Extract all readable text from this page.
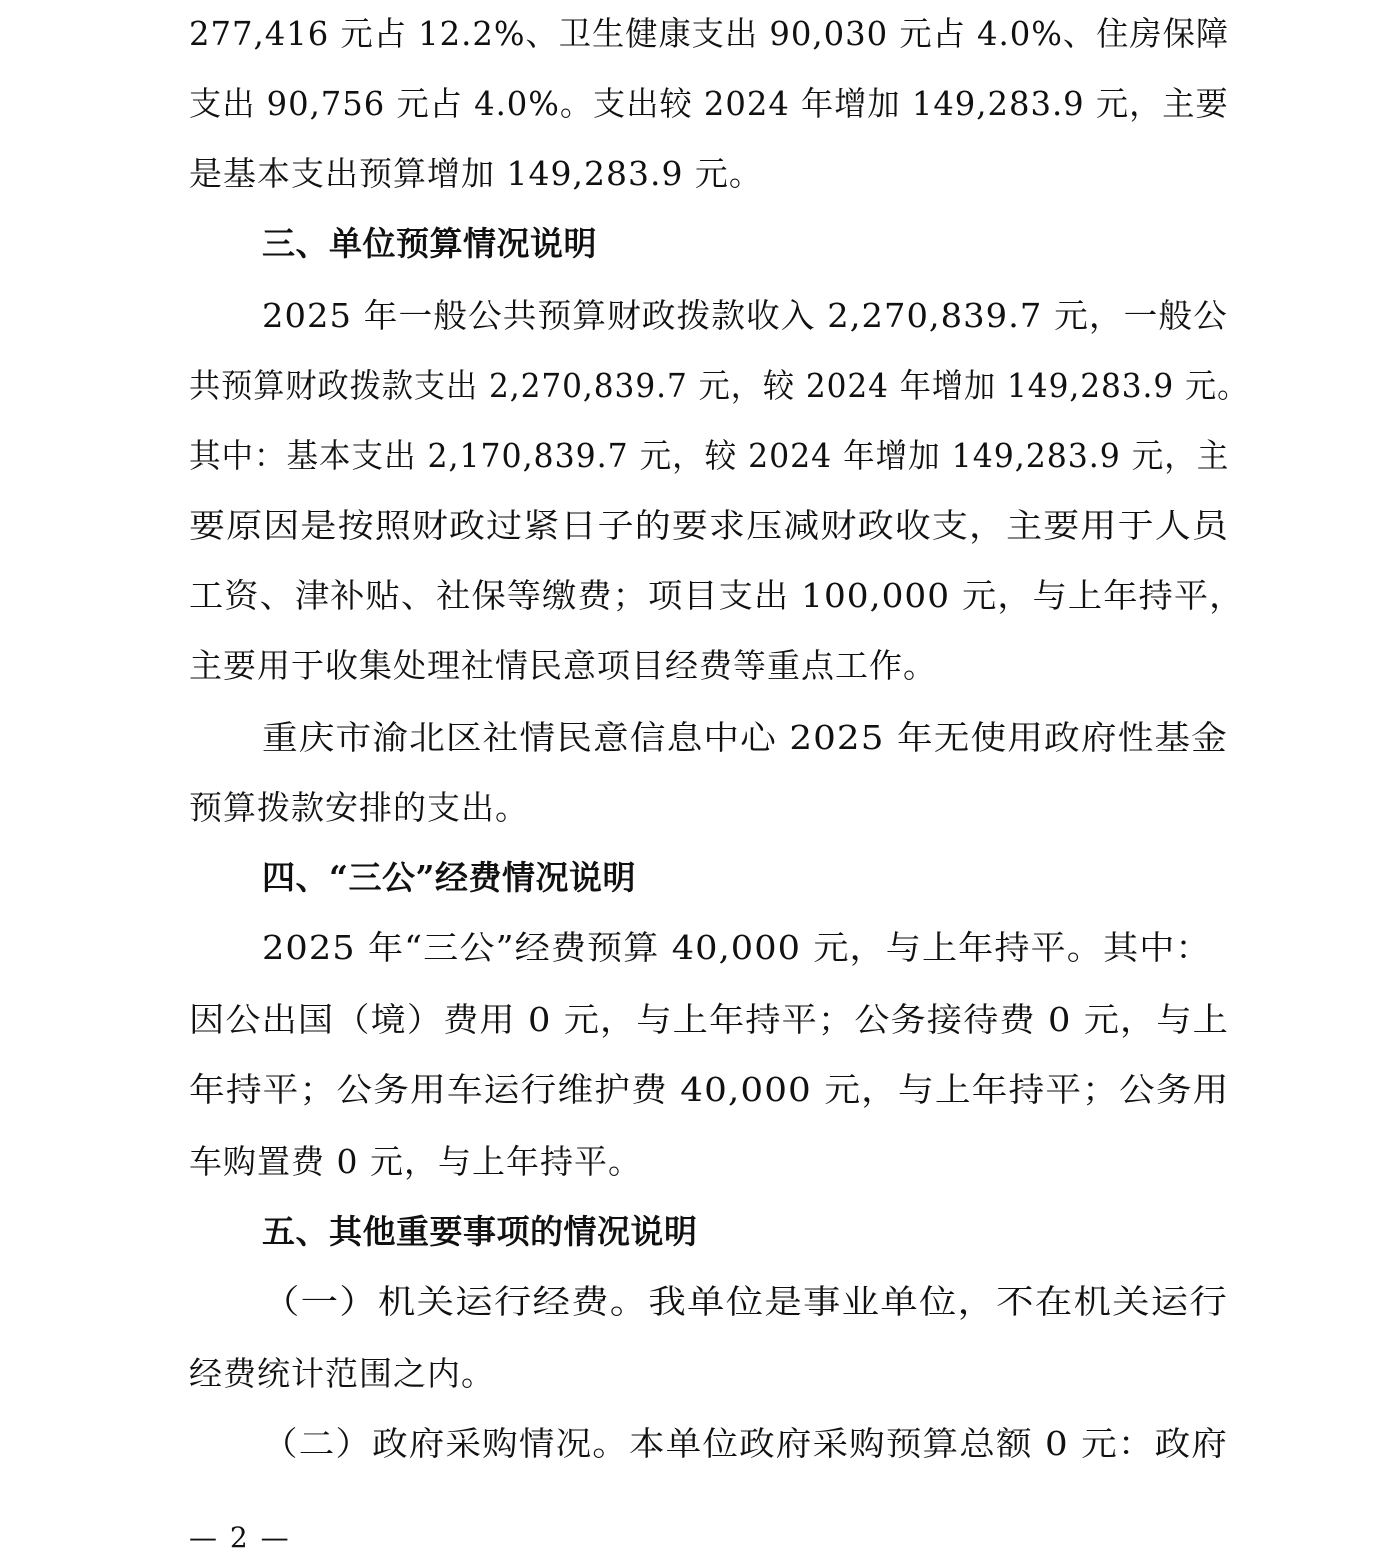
277,416 元占 12.2%、卫生健康支出 90,030 元占 4.0%、住房保障
支出 90,756 元占 4.0%。支出较 2024 年增加 149,283.9 元，主要
是基本支出预算增加 149,283.9 元。
三、单位预算情况说明
2025 年一般公共预算财政拨款收入 2,270,839.7 元，一般公
共预算财政拨款支出 2,270,839.7 元，较 2024 年增加 149,283.9 元。
其中：基本支出 2,170,839.7 元，较 2024 年增加 149,283.9 元，主
要原因是按照财政过紧日子的要求压减财政收支，主要用于人员
工资、津补贴、社保等缴费；项目支出 100,000 元，与上年持平，
主要用于收集处理社情民意项目经费等重点工作。
重庆市渝北区社情民意信息中心 2025 年无使用政府性基金
预算拨款安排的支出。
四、“三公”经费情况说明
2025 年“三公”经费预算 40,000 元，与上年持平。其中：
因公出国（境）费用 0 元，与上年持平；公务接待费 0 元，与上
年持平；公务用车运行维护费 40,000 元，与上年持平；公务用
车购置费 0 元，与上年持平。
五、其他重要事项的情况说明
（一）机关运行经费。我单位是事业单位，不在机关运行
经费统计范围之内。
（二）政府采购情况。本单位政府采购预算总额 0 元：政府
— 2 —
